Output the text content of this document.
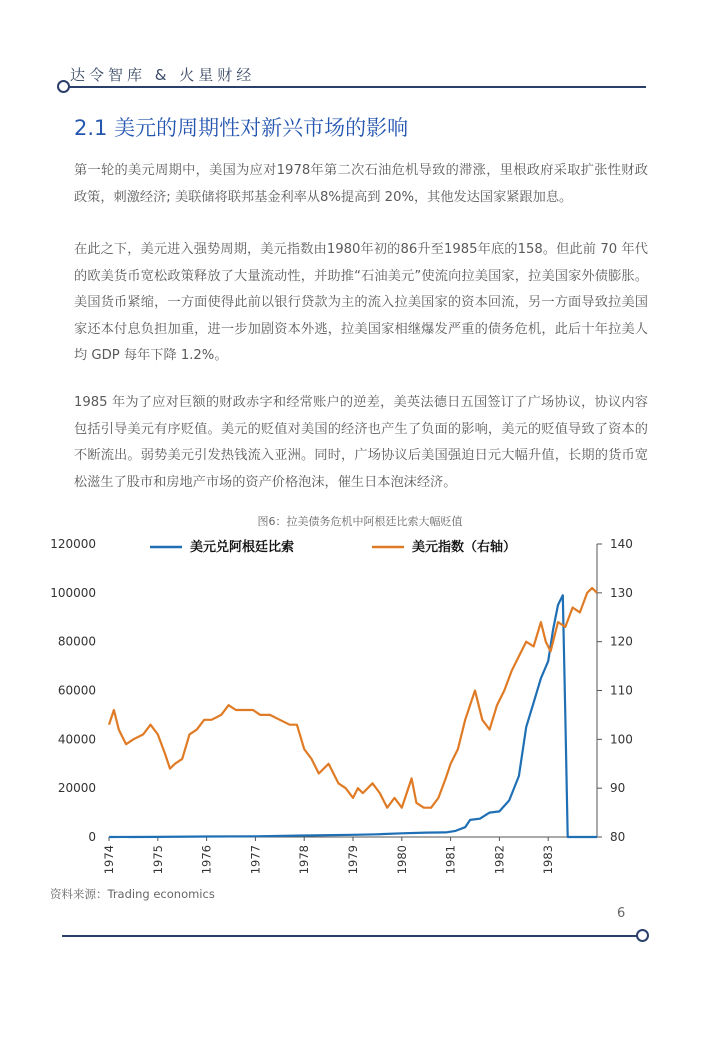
达令智库 & 火星财经
2.1 美元的周期性对新兴市场的影响

第一轮的美元周期中，美国为应对1978年第二次石油危机导致的滞涨，里根政府采取扩张性财政政策，刺激经济; 美联储将联邦基金利率从8%提高到 20%，其他发达国家紧跟加息。

在此之下，美元进入强势周期，美元指数由1980年初的86升至1985年底的158。但此前 70 年代的欧美货币宽松政策释放了大量流动性，并助推“石油美元”使流向拉美国家，拉美国家外债膨胀。美国货币紧缩，一方面使得此前以银行贷款为主的流入拉美国家的资本回流，另一方面导致拉美国家还本付息负担加重，进一步加剧资本外逃，拉美国家相继爆发严重的债务危机，此后十年拉美人均 GDP 每年下降 1.2%。

1985 年为了应对巨额的财政赤字和经常账户的逆差，美英法德日五国签订了广场协议，协议内容包括引导美元有序贬值。美元的贬值对美国的经济也产生了负面的影响，美元的贬值导致了资本的不断流出。弱势美元引发热钱流入亚洲。同时，广场协议后美国强迫日元大幅升值，长期的货币宽松滋生了股市和房地产市场的资产价格泡沫，催生日本泡沫经济。

图6：拉美债务危机中阿根廷比索大幅贬值
0
20000
40000
60000
80000
100000
120000
80
90
100
110
120
130
140
1974	1975	1976	1977	1978	1979	1980	1981	1982	1983
美元兑阿根廷比索	美元指数（右轴）
资料来源：Trading economics
6
